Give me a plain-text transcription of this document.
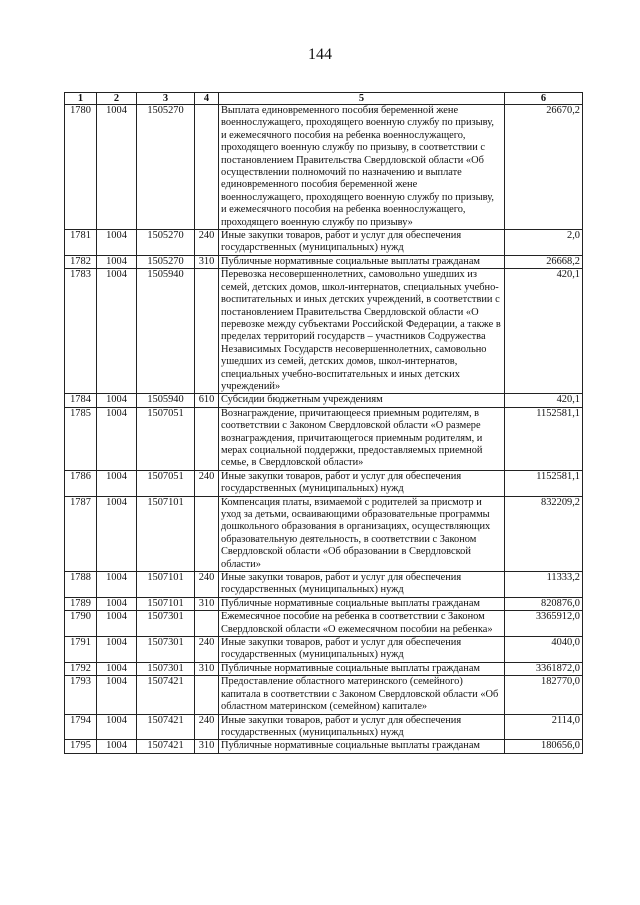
144
1	2	3	4	5	6
1780	1004	1505270		Выплата единовременного пособия беременной жене военнослужащего, проходящего военную службу по призыву, и ежемесячного пособия на ребенка военнослужащего, проходящего военную службу по призыву, в соответствии с постановлением Правительства Свердловской области «Об осуществлении полномочий по назначению и выплате единовременного пособия беременной жене военнослужащего, проходящего военную службу по призыву, и ежемесячного пособия на ребенка военнослужащего, проходящего военную службу по призыву»	26670,2
1781	1004	1505270	240	Иные закупки товаров, работ и услуг для обеспечения государственных (муниципальных) нужд	2,0
1782	1004	1505270	310	Публичные нормативные социальные выплаты гражданам	26668,2
1783	1004	1505940		Перевозка несовершеннолетних, самовольно ушедших из семей, детских домов, школ-интернатов, специальных учебно-воспитательных и иных детских учреждений, в соответствии с постановлением Правительства Свердловской области «О перевозке между субъектами Российской Федерации, а также в пределах территорий государств – участников Содружества Независимых Государств несовершеннолетних, самовольно ушедших из семей, детских домов, школ-интернатов, специальных учебно-воспитательных и иных детских учреждений»	420,1
1784	1004	1505940	610	Субсидии бюджетным учреждениям	420,1
1785	1004	1507051		Вознаграждение, причитающееся приемным родителям, в соответствии с Законом Свердловской области «О размере вознаграждения, причитающегося приемным родителям, и мерах социальной поддержки, предоставляемых приемной семье, в Свердловской области»	1152581,1
1786	1004	1507051	240	Иные закупки товаров, работ и услуг для обеспечения государственных (муниципальных) нужд	1152581,1
1787	1004	1507101		Компенсация платы, взимаемой с родителей за присмотр и уход за детьми, осваивающими образовательные программы дошкольного образования в организациях, осуществляющих образовательную деятельность, в соответствии с Законом Свердловской области «Об образовании в Свердловской области»	832209,2
1788	1004	1507101	240	Иные закупки товаров, работ и услуг для обеспечения государственных (муниципальных) нужд	11333,2
1789	1004	1507101	310	Публичные нормативные социальные выплаты гражданам	820876,0
1790	1004	1507301		Ежемесячное пособие на ребенка в соответствии с Законом Свердловской области «О ежемесячном пособии на ребенка»	3365912,0
1791	1004	1507301	240	Иные закупки товаров, работ и услуг для обеспечения государственных (муниципальных) нужд	4040,0
1792	1004	1507301	310	Публичные нормативные социальные выплаты гражданам	3361872,0
1793	1004	1507421		Предоставление областного материнского (семейного) капитала в соответствии с Законом Свердловской области «Об областном материнском (семейном) капитале»	182770,0
1794	1004	1507421	240	Иные закупки товаров, работ и услуг для обеспечения государственных (муниципальных) нужд	2114,0
1795	1004	1507421	310	Публичные нормативные социальные выплаты гражданам	180656,0
